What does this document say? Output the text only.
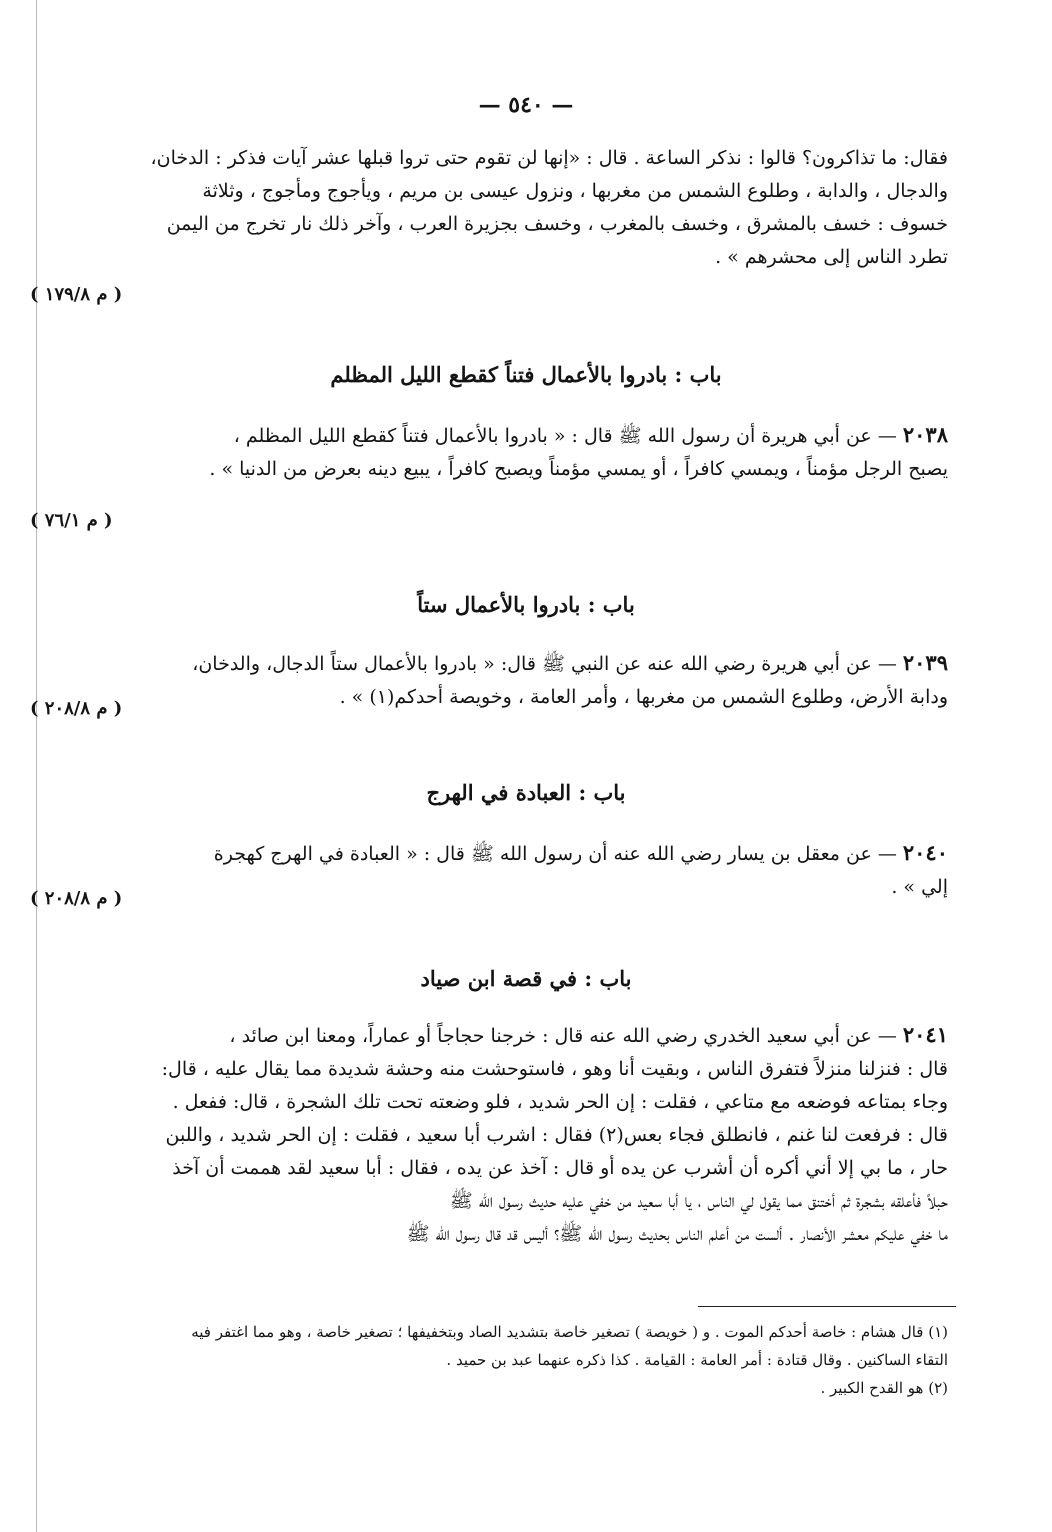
— ٥٤٠ —
فقال: ما تذاكرون؟ قالوا : نذكر الساعة . قال : «إنها لن تقوم حتى تروا قبلها عشر آيات فذكر : الدخان،
والدجال ، والدابة ، وطلوع الشمس من مغربها ، ونزول عيسى بن مريم ، ويأجوج ومأجوج ، وثلاثة
خسوف : خسف بالمشرق ، وخسف بالمغرب ، وخسف بجزيرة العرب ، وآخر ذلك نار تخرج من اليمن
تطرد الناس إلى محشرهم » .
( م ١٧٩/٨ )
باب : بادروا بالأعمال فتناً كقطع الليل المظلم
٢٠٣٨ — عن أبي هريرة أن رسول الله ﷺ قال : « بادروا بالأعمال فتناً كقطع الليل المظلم ،
يصبح الرجل مؤمناً ، ويمسي كافراً ، أو يمسي مؤمناً ويصبح كافراً ، يبيع دينه بعرض من الدنيا » .
( م ٧٦/١ )
باب : بادروا بالأعمال ستاً
٢٠٣٩ — عن أبي هريرة رضي الله عنه عن النبي ﷺ قال: « بادروا بالأعمال ستاً الدجال، والدخان،
ودابة الأرض، وطلوع الشمس من مغربها ، وأمر العامة ، وخويصة أحدكم(١) » .
( م ٢٠٨/٨ )
باب : العبادة في الهرج
٢٠٤٠ — عن معقل بن يسار رضي الله عنه أن رسول الله ﷺ قال : « العبادة في الهرج كهجرة
إلي » .
( م ٢٠٨/٨ )
باب : في قصة ابن صياد
٢٠٤١ — عن أبي سعيد الخدري رضي الله عنه قال : خرجنا حجاجاً أو عماراً، ومعنا ابن صائد ،
قال : فنزلنا منزلاً فتفرق الناس ، وبقيت أنا وهو ، فاستوحشت منه وحشة شديدة مما يقال عليه ، قال:
وجاء بمتاعه فوضعه مع متاعي ، فقلت : إن الحر شديد ، فلو وضعته تحت تلك الشجرة ، قال: ففعل .
قال : فرفعت لنا غنم ، فانطلق فجاء بعس(٢) فقال : اشرب أبا سعيد ، فقلت : إن الحر شديد ، واللبن
حار ، ما بي إلا أني أكره أن أشرب عن يده أو قال : آخذ عن يده ، فقال : أبا سعيد لقد هممت أن آخذ
حبلاً فأعلقه بشجرة ثم أختنق مما يقول لي الناس ، يا أبا سعيد من خفي عليه حديث رسول الله ﷺ
ما خفي عليكم معشر الأنصار . ألست من أعلم الناس بحديث رسول الله ﷺ؟ أليس قد قال رسول الله ﷺ
(١) قال هشام : خاصة أحدكم الموت . و ( خويصة ) تصغير خاصة بتشديد الصاد وبتخفيفها ؛ تصغير خاصة ، وهو مما اغتفر فيه
التقاء الساكنين . وقال قتادة : أمر العامة : القيامة . كذا ذكره عنهما عبد بن حميد .
(٢) هو القدح الكبير .
